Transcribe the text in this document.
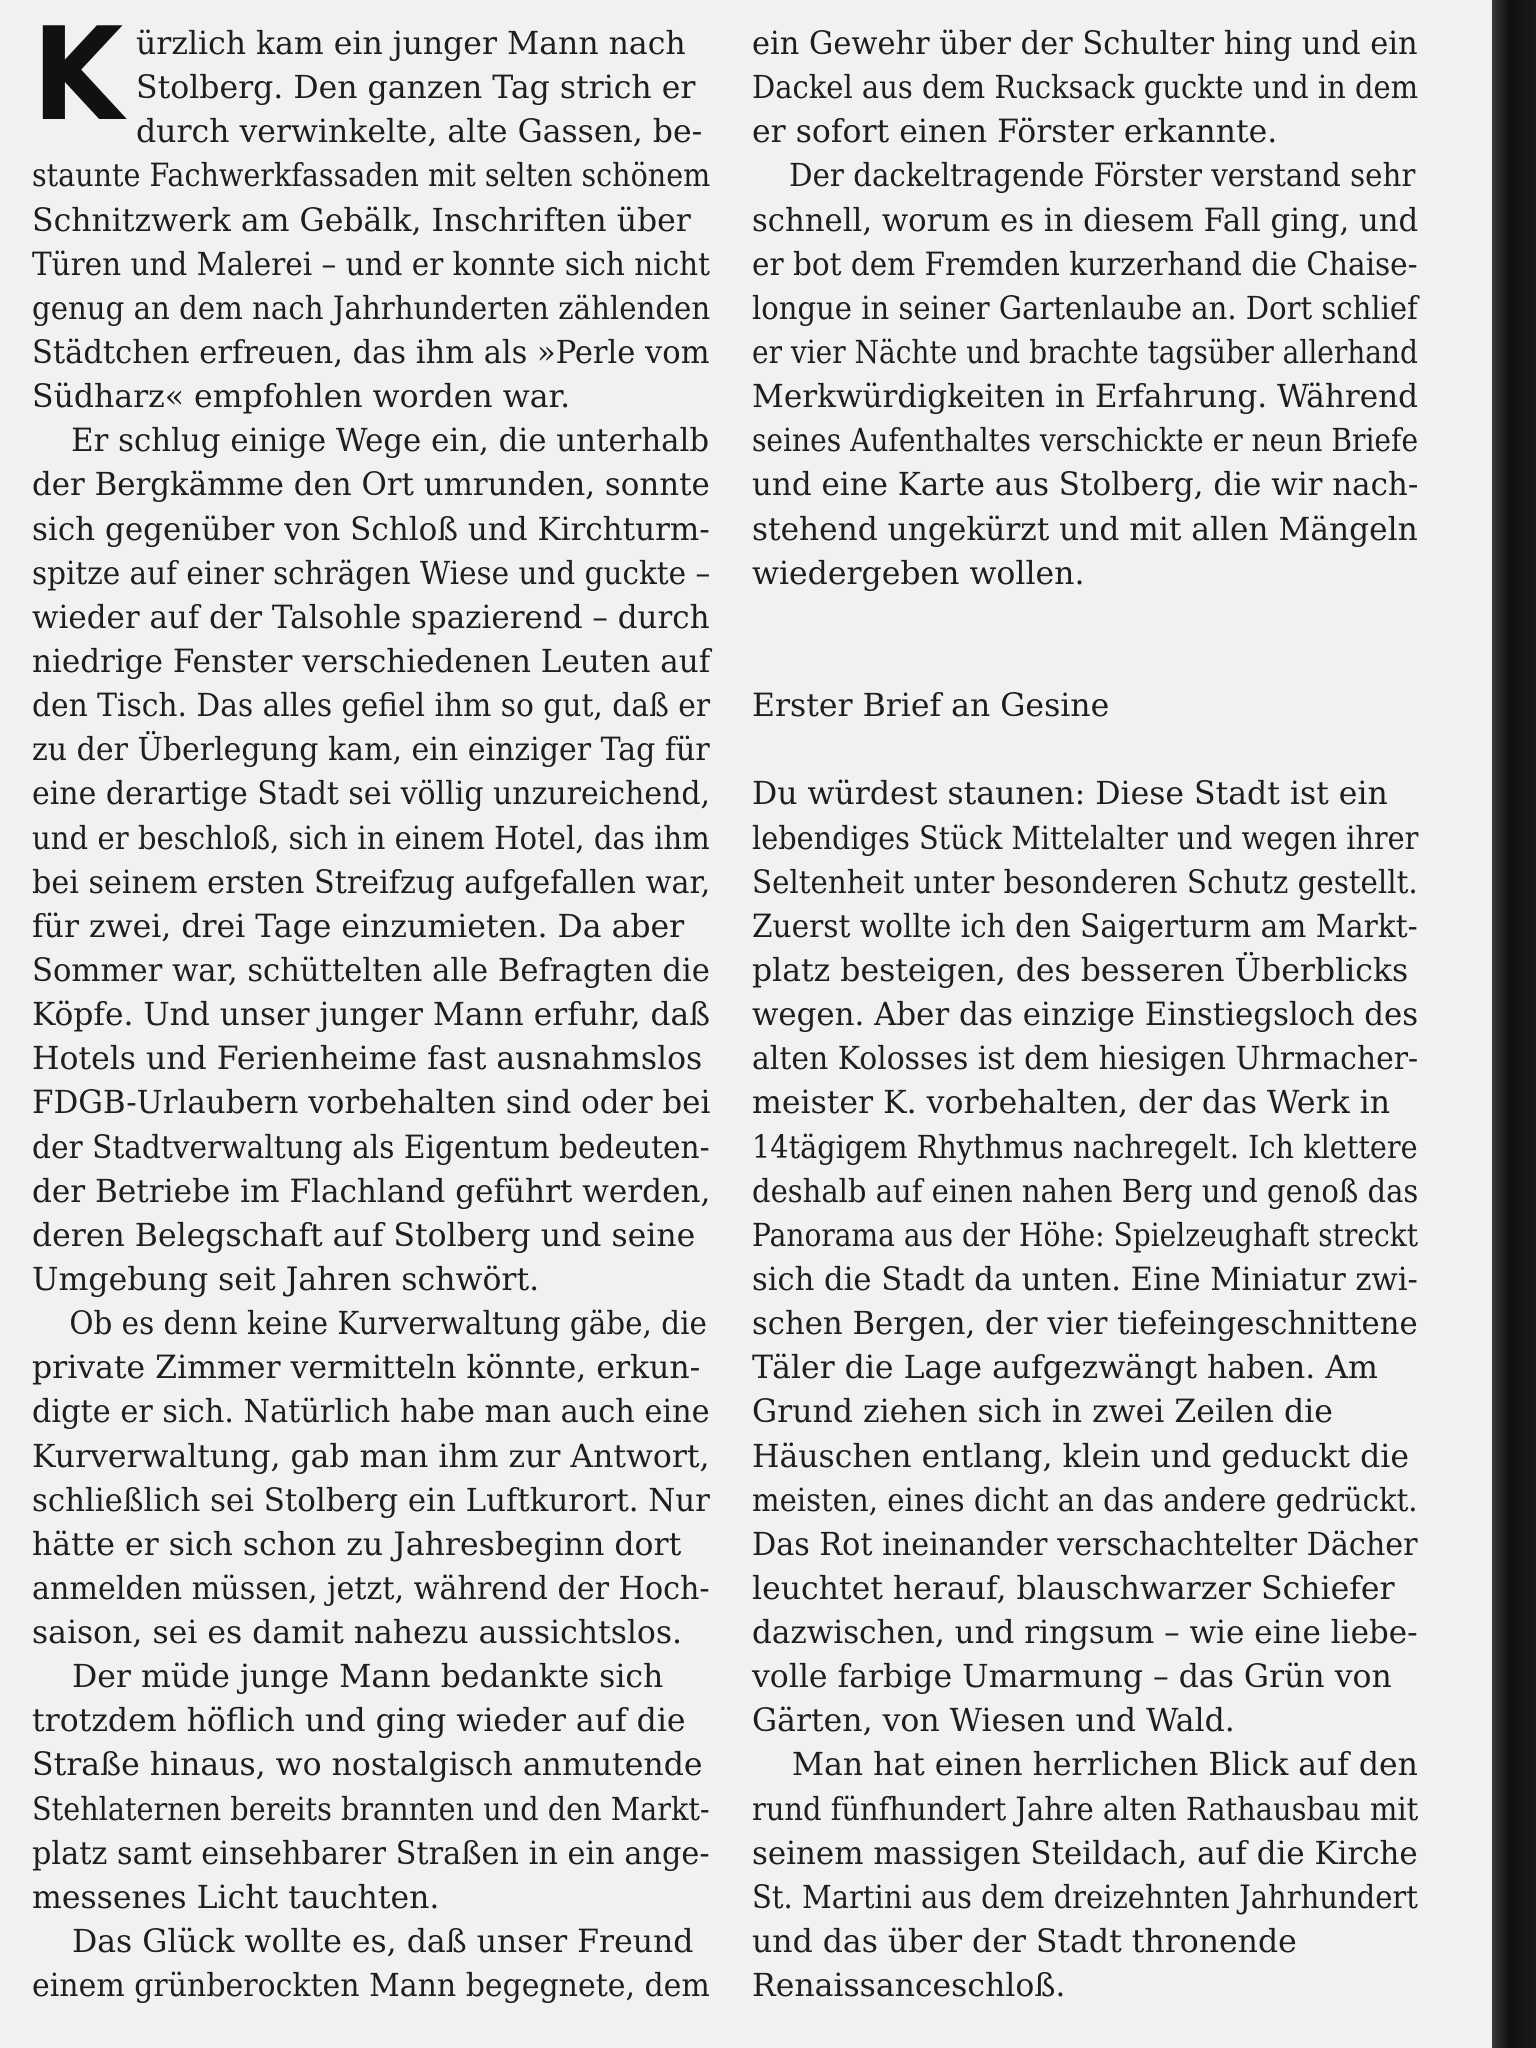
K ürzlich kam ein junger Mann nach
Stolberg. Den ganzen Tag strich er
durch verwinkelte, alte Gassen, be-
staunte Fachwerkfassaden mit selten schönem
Schnitzwerk am Gebälk, Inschriften über
Türen und Malerei – und er konnte sich nicht
genug an dem nach Jahrhunderten zählenden
Städtchen erfreuen, das ihm als »Perle vom
Südharz« empfohlen worden war.
Er schlug einige Wege ein, die unterhalb
der Bergkämme den Ort umrunden, sonnte
sich gegenüber von Schloß und Kirchturm-
spitze auf einer schrägen Wiese und guckte –
wieder auf der Talsohle spazierend – durch
niedrige Fenster verschiedenen Leuten auf
den Tisch. Das alles gefiel ihm so gut, daß er
zu der Überlegung kam, ein einziger Tag für
eine derartige Stadt sei völlig unzureichend,
und er beschloß, sich in einem Hotel, das ihm
bei seinem ersten Streifzug aufgefallen war,
für zwei, drei Tage einzumieten. Da aber
Sommer war, schüttelten alle Befragten die
Köpfe. Und unser junger Mann erfuhr, daß
Hotels und Ferienheime fast ausnahmslos
FDGB-Urlaubern vorbehalten sind oder bei
der Stadtverwaltung als Eigentum bedeuten-
der Betriebe im Flachland geführt werden,
deren Belegschaft auf Stolberg und seine
Umgebung seit Jahren schwört.
Ob es denn keine Kurverwaltung gäbe, die
private Zimmer vermitteln könnte, erkun-
digte er sich. Natürlich habe man auch eine
Kurverwaltung, gab man ihm zur Antwort,
schließlich sei Stolberg ein Luftkurort. Nur
hätte er sich schon zu Jahresbeginn dort
anmelden müssen, jetzt, während der Hoch-
saison, sei es damit nahezu aussichtslos.
Der müde junge Mann bedankte sich
trotzdem höflich und ging wieder auf die
Straße hinaus, wo nostalgisch anmutende
Stehlaternen bereits brannten und den Markt-
platz samt einsehbarer Straßen in ein ange-
messenes Licht tauchten.
Das Glück wollte es, daß unser Freund
einem grünberockten Mann begegnete, dem
ein Gewehr über der Schulter hing und ein
Dackel aus dem Rucksack guckte und in dem
er sofort einen Förster erkannte.
Der dackeltragende Förster verstand sehr
schnell, worum es in diesem Fall ging, und
er bot dem Fremden kurzerhand die Chaise-
longue in seiner Gartenlaube an. Dort schlief
er vier Nächte und brachte tagsüber allerhand
Merkwürdigkeiten in Erfahrung. Während
seines Aufenthaltes verschickte er neun Briefe
und eine Karte aus Stolberg, die wir nach-
stehend ungekürzt und mit allen Mängeln
wiedergeben wollen.
Erster Brief an Gesine
Du würdest staunen: Diese Stadt ist ein
lebendiges Stück Mittelalter und wegen ihrer
Seltenheit unter besonderen Schutz gestellt.
Zuerst wollte ich den Saigerturm am Markt-
platz besteigen, des besseren Überblicks
wegen. Aber das einzige Einstiegsloch des
alten Kolosses ist dem hiesigen Uhrmacher-
meister K. vorbehalten, der das Werk in
14tägigem Rhythmus nachregelt. Ich klettere
deshalb auf einen nahen Berg und genoß das
Panorama aus der Höhe: Spielzeughaft streckt
sich die Stadt da unten. Eine Miniatur zwi-
schen Bergen, der vier tiefeingeschnittene
Täler die Lage aufgezwängt haben. Am
Grund ziehen sich in zwei Zeilen die
Häuschen entlang, klein und geduckt die
meisten, eines dicht an das andere gedrückt.
Das Rot ineinander verschachtelter Dächer
leuchtet herauf, blauschwarzer Schiefer
dazwischen, und ringsum – wie eine liebe-
volle farbige Umarmung – das Grün von
Gärten, von Wiesen und Wald.
Man hat einen herrlichen Blick auf den
rund fünfhundert Jahre alten Rathausbau mit
seinem massigen Steildach, auf die Kirche
St. Martini aus dem dreizehnten Jahrhundert
und das über der Stadt thronende
Renaissanceschloß.
